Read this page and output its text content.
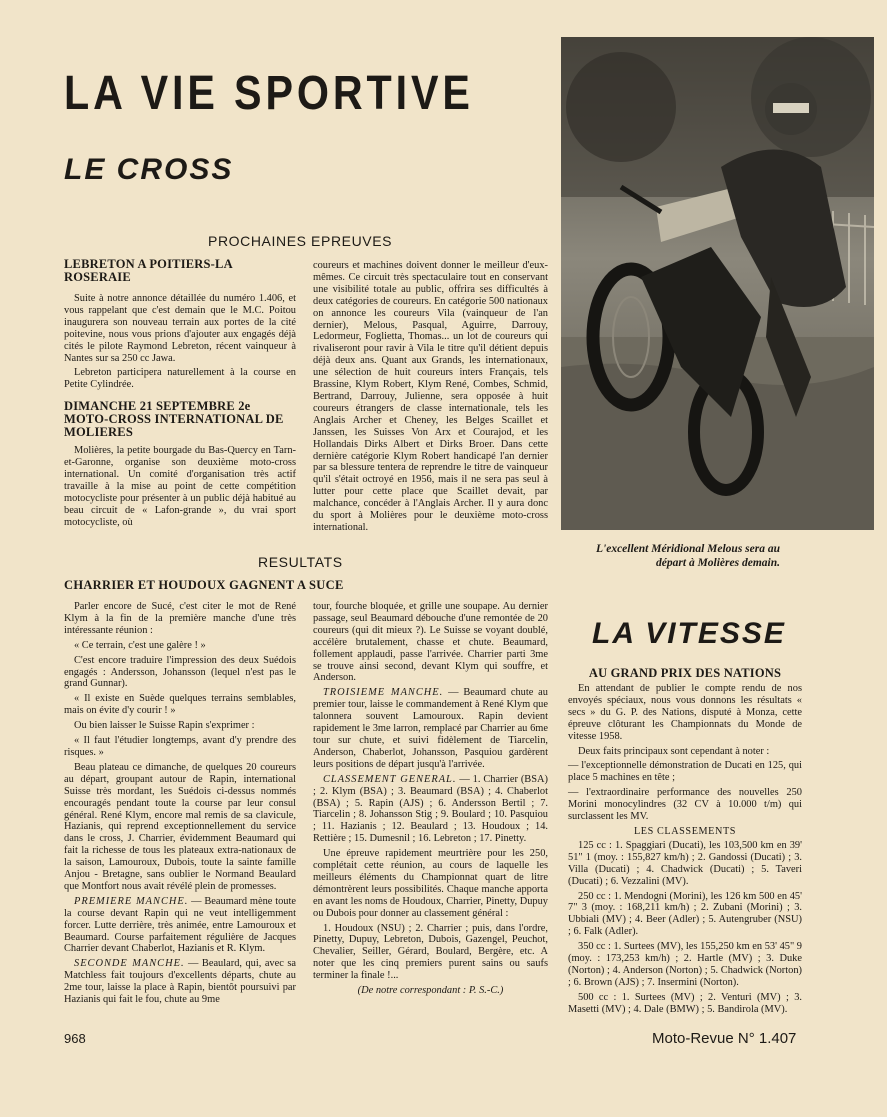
LA VIE SPORTIVE
LE CROSS
PROCHAINES EPREUVES
LEBRETON A POITIERS-LA ROSERAIE

Suite à notre annonce détaillée du numéro 1.406, et vous rappelant que c'est demain que le M.C. Poitou inaugurera son nouveau terrain aux portes de la cité poitevine, nous vous prions d'ajouter aux engagés déjà cités le pilote Raymond Lebreton, récent vainqueur à Nantes sur sa 250 cc Jawa.

Lebreton participera naturellement à la course en Petite Cylindrée.

DIMANCHE 21 SEPTEMBRE 2e MOTO-CROSS INTERNATIONAL DE MOLIERES

Molières, la petite bourgade du Bas-Quercy en Tarn-et-Garonne, organise son deuxième moto-cross international. Un comité d'organisation très actif travaille à la mise au point de cette compétition motocycliste pour présenter à un public déjà habitué au beau circuit de « Lafon-grande », du vrai sport motocycliste, où

coureurs et machines doivent donner le meilleur d'eux-mêmes. Ce circuit très spectaculaire tout en conservant une visibilité totale au public, offrira ses difficultés à deux catégories de coureurs. En catégorie 500 nationaux on annonce les coureurs Vila (vainqueur de l'an dernier), Melous, Pasqual, Aguirre, Darrouy, Ledormeur, Foglietta, Thomas... un lot de coureurs qui rivaliseront pour ravir à Vila le titre qu'il détient depuis déjà deux ans. Quant aux Grands, les internationaux, une sélection de huit coureurs inters Français, tels Brassine, Klym Robert, Klym René, Combes, Schmid, Bertrand, Darrouy, Julienne, sera opposée à huit coureurs étrangers de classe internationale, tels les Anglais Archer et Cheney, les Belges Scaillet et Janssen, les Suisses Von Arx et Courajod, et les Hollandais Dirks Albert et Dirks Broer. Dans cette dernière catégorie Klym Robert handicapé l'an dernier par sa blessure tentera de reprendre le titre de vainqueur qu'il s'était octroyé en 1956, mais il ne sera pas seul à lutter pour cette place que Scaillet devait, par malchance, concéder à l'Anglais Archer. Il y aura donc du sport à Molières pour le deuxième moto-cross international.

L'excellent Méridional Melous sera au départ à Molières demain.
RESULTATS
CHARRIER ET HOUDOUX GAGNENT A SUCE

Parler encore de Sucé, c'est citer le mot de René Klym à la fin de la première manche d'une très intéressante réunion :

« Ce terrain, c'est une galère ! »

C'est encore traduire l'impression des deux Suédois engagés : Andersson, Johansson (lequel n'est pas le grand Gunnar).

« Il existe en Suède quelques terrains semblables, mais on évite d'y courir ! »

Ou bien laisser le Suisse Rapin s'exprimer :

« Il faut l'étudier longtemps, avant d'y prendre des risques. »

Beau plateau ce dimanche, de quelques 20 coureurs au départ, groupant autour de Rapin, international Suisse très mordant, les Suédois ci-dessus nommés encouragés pendant toute la course par leur consul général. René Klym, encore mal remis de sa clavicule, Hazianis, qui reprend exceptionnellement du service dans le cross, J. Charrier, évidemment Beaumard qui fait la richesse de tous les plateaux extra-nationaux de la saison, Lamouroux, Dubois, toute la sainte famille Anjou - Bretagne, sans oublier le Normand Beaulard que Montfort nous avait révélé plein de promesses.

PREMIERE MANCHE. — Beaumard mène toute la course devant Rapin qui ne veut intelligemment forcer. Lutte derrière, très animée, entre Lamouroux et Beaumard. Course parfaitement régulière de Jacques Charrier devant Chaberlot, Hazianis et R. Klym.

SECONDE MANCHE. — Beaulard, qui, avec sa Matchless fait toujours d'excellents départs, chute au 2me tour, laisse la place à Rapin, bientôt poursuivi par Hazianis qui fait le fou, chute au 9me

tour, fourche bloquée, et grille une soupape. Au dernier passage, seul Beaumard débouche d'une remontée de 20 coureurs (qui dit mieux ?). Le Suisse se voyant doublé, accélère brutalement, chasse et chute. Beaumard, follement applaudi, passe l'arrivée. Charrier parti 3me se trouve ainsi second, devant Klym qui souffre, et Anderson.

TROISIEME MANCHE. — Beaumard chute au premier tour, laisse le commandement à René Klym que talonnera souvent Lamouroux. Rapin devient rapidement le 3me larron, remplacé par Charrier au 6me tour sur chute, et suivi fidèlement de Tiarcelin, Anderson, Chaberlot, Johansson, Pasquiou gardèrent leurs positions de départ jusqu'à l'arrivée.

CLASSEMENT GENERAL. — 1. Charrier (BSA) ; 2. Klym (BSA) ; 3. Beaumard (BSA) ; 4. Chaberlot (BSA) ; 5. Rapin (AJS) ; 6. Andersson Bertil ; 7. Tiarcelin ; 8. Johansson Stig ; 9. Boulard ; 10. Pasquiou ; 11. Hazianis ; 12. Beaulard ; 13. Houdoux ; 14. Rettière ; 15. Dumesnil ; 16. Lebreton ; 17. Pinetty.

Une épreuve rapidement meurtrière pour les 250, complétait cette réunion, au cours de laquelle les meilleurs éléments du Championnat quart de litre démontrèrent leurs possibilités. Chaque manche apporta en avant les noms de Houdoux, Charrier, Pinetty, Dupuy ou Dubois pour donner au classement général :

1. Houdoux (NSU) ; 2. Charrier ; puis, dans l'ordre, Pinetty, Dupuy, Lebreton, Dubois, Gazengel, Peuchot, Chevalier, Seiller, Gérard, Boulard, Bergère, etc. A noter que les cinq premiers purent sains ou saufs terminer la finale !...

(De notre correspondant : P. S.-C.)

LA VITESSE
AU GRAND PRIX DES NATIONS

En attendant de publier le compte rendu de nos envoyés spéciaux, nous vous donnons les résultats « secs » du G. P. des Nations, disputé à Monza, cette épreuve clôturant les Championnats du Monde de vitesse 1958.

Deux faits principaux sont cependant à noter :

— l'exceptionnelle démonstration de Ducati en 125, qui place 5 machines en tête ;

— l'extraordinaire performance des nouvelles 250 Morini monocylindres (32 CV à 10.000 t/m) qui surclassent les MV.

LES CLASSEMENTS

125 cc : 1. Spaggiari (Ducati), les 103,500 km en 39' 51" 1 (moy. : 155,827 km/h) ; 2. Gandossi (Ducati) ; 3. Villa (Ducati) ; 4. Chadwick (Ducati) ; 5. Taveri (Ducati) ; 6. Vezzalini (MV).

250 cc : 1. Mendogni (Morini), les 126 km 500 en 45' 7" 3 (moy. : 168,211 km/h) ; 2. Zubani (Morini) ; 3. Ubbiali (MV) ; 4. Beer (Adler) ; 5. Autengruber (NSU) ; 6. Falk (Adler).

350 cc : 1. Surtees (MV), les 155,250 km en 53' 45" 9 (moy. : 173,253 km/h) ; 2. Hartle (MV) ; 3. Duke (Norton) ; 4. Anderson (Norton) ; 5. Chadwick (Norton) ; 6. Brown (AJS) ; 7. Insermini (Norton).

500 cc : 1. Surtees (MV) ; 2. Venturi (MV) ; 3. Masetti (MV) ; 4. Dale (BMW) ; 5. Bandirola (MV).

968	Moto-Revue N° 1.407
